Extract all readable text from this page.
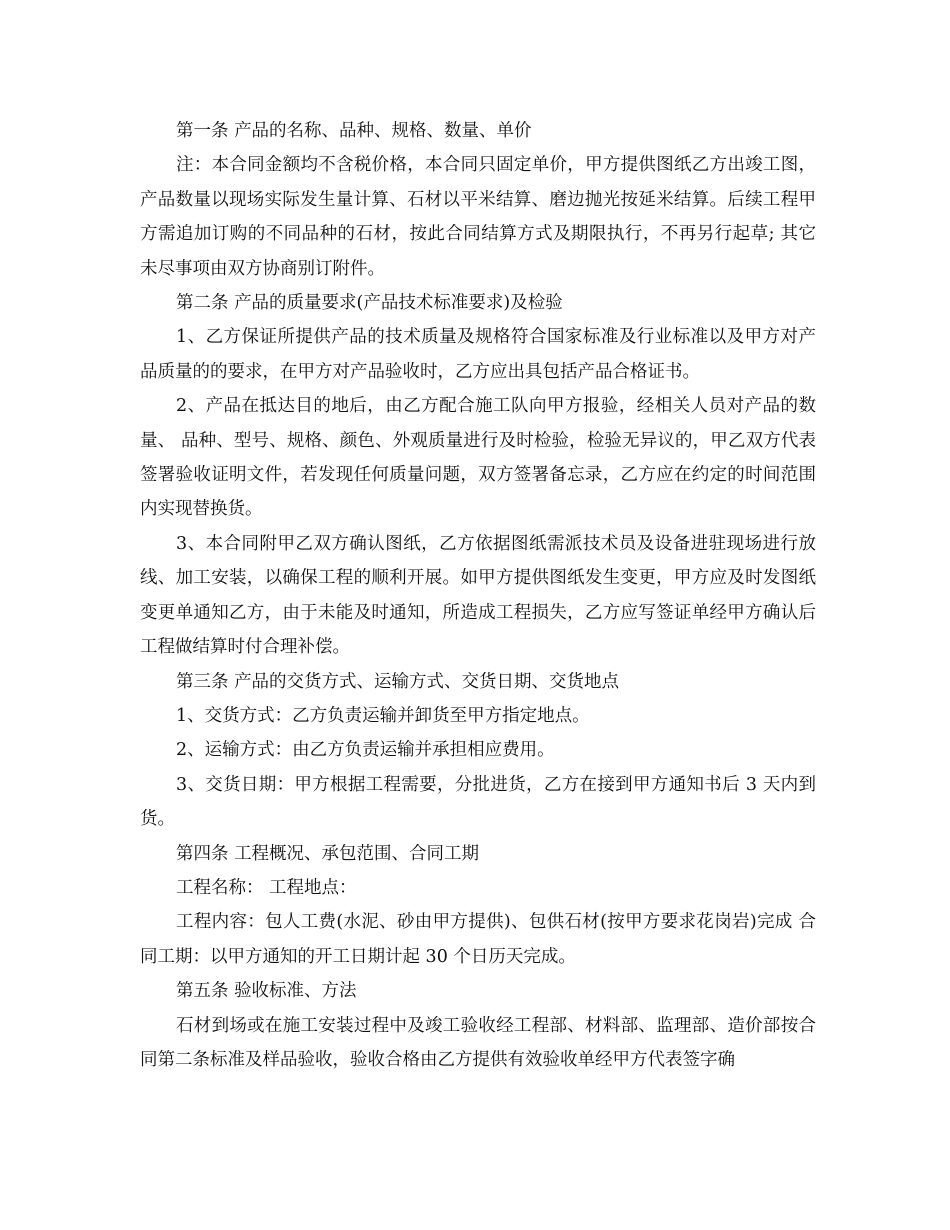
第一条 产品的名称、品种、规格、数量、单价

注：本合同金额均不含税价格，本合同只固定单价，甲方提供图纸乙方出竣工图，产品数量以现场实际发生量计算、石材以平米结算、磨边抛光按延米结算。后续工程甲方需追加订购的不同品种的石材，按此合同结算方式及期限执行，不再另行起草; 其它未尽事项由双方协商别订附件。

第二条 产品的质量要求(产品技术标准要求)及检验

1、乙方保证所提供产品的技术质量及规格符合国家标准及行业标准以及甲方对产品质量的的要求，在甲方对产品验收时，乙方应出具包括产品合格证书。

2、产品在抵达目的地后，由乙方配合施工队向甲方报验，经相关人员对产品的数量、 品种、型号、规格、颜色、外观质量进行及时检验，检验无异议的，甲乙双方代表签署验收证明文件，若发现任何质量问题，双方签署备忘录，乙方应在约定的时间范围内实现替换货。

3、本合同附甲乙双方确认图纸，乙方依据图纸需派技术员及设备进驻现场进行放线、加工安装，以确保工程的顺利开展。如甲方提供图纸发生变更，甲方应及时发图纸变更单通知乙方，由于未能及时通知，所造成工程损失，乙方应写签证单经甲方确认后工程做结算时付合理补偿。

第三条 产品的交货方式、运输方式、交货日期、交货地点

1、交货方式：乙方负责运输并卸货至甲方指定地点。

2、运输方式：由乙方负责运输并承担相应费用。

3、交货日期：甲方根据工程需要，分批进货，乙方在接到甲方通知书后 3 天内到货。

第四条 工程概况、承包范围、合同工期

工程名称： 工程地点：

工程内容：包人工费(水泥、砂由甲方提供)、包供石材(按甲方要求花岗岩)完成 合同工期：以甲方通知的开工日期计起 30 个日历天完成。

第五条 验收标准、方法

石材到场或在施工安装过程中及竣工验收经工程部、材料部、监理部、造价部按合同第二条标准及样品验收，验收合格由乙方提供有效验收单经甲方代表签字确
